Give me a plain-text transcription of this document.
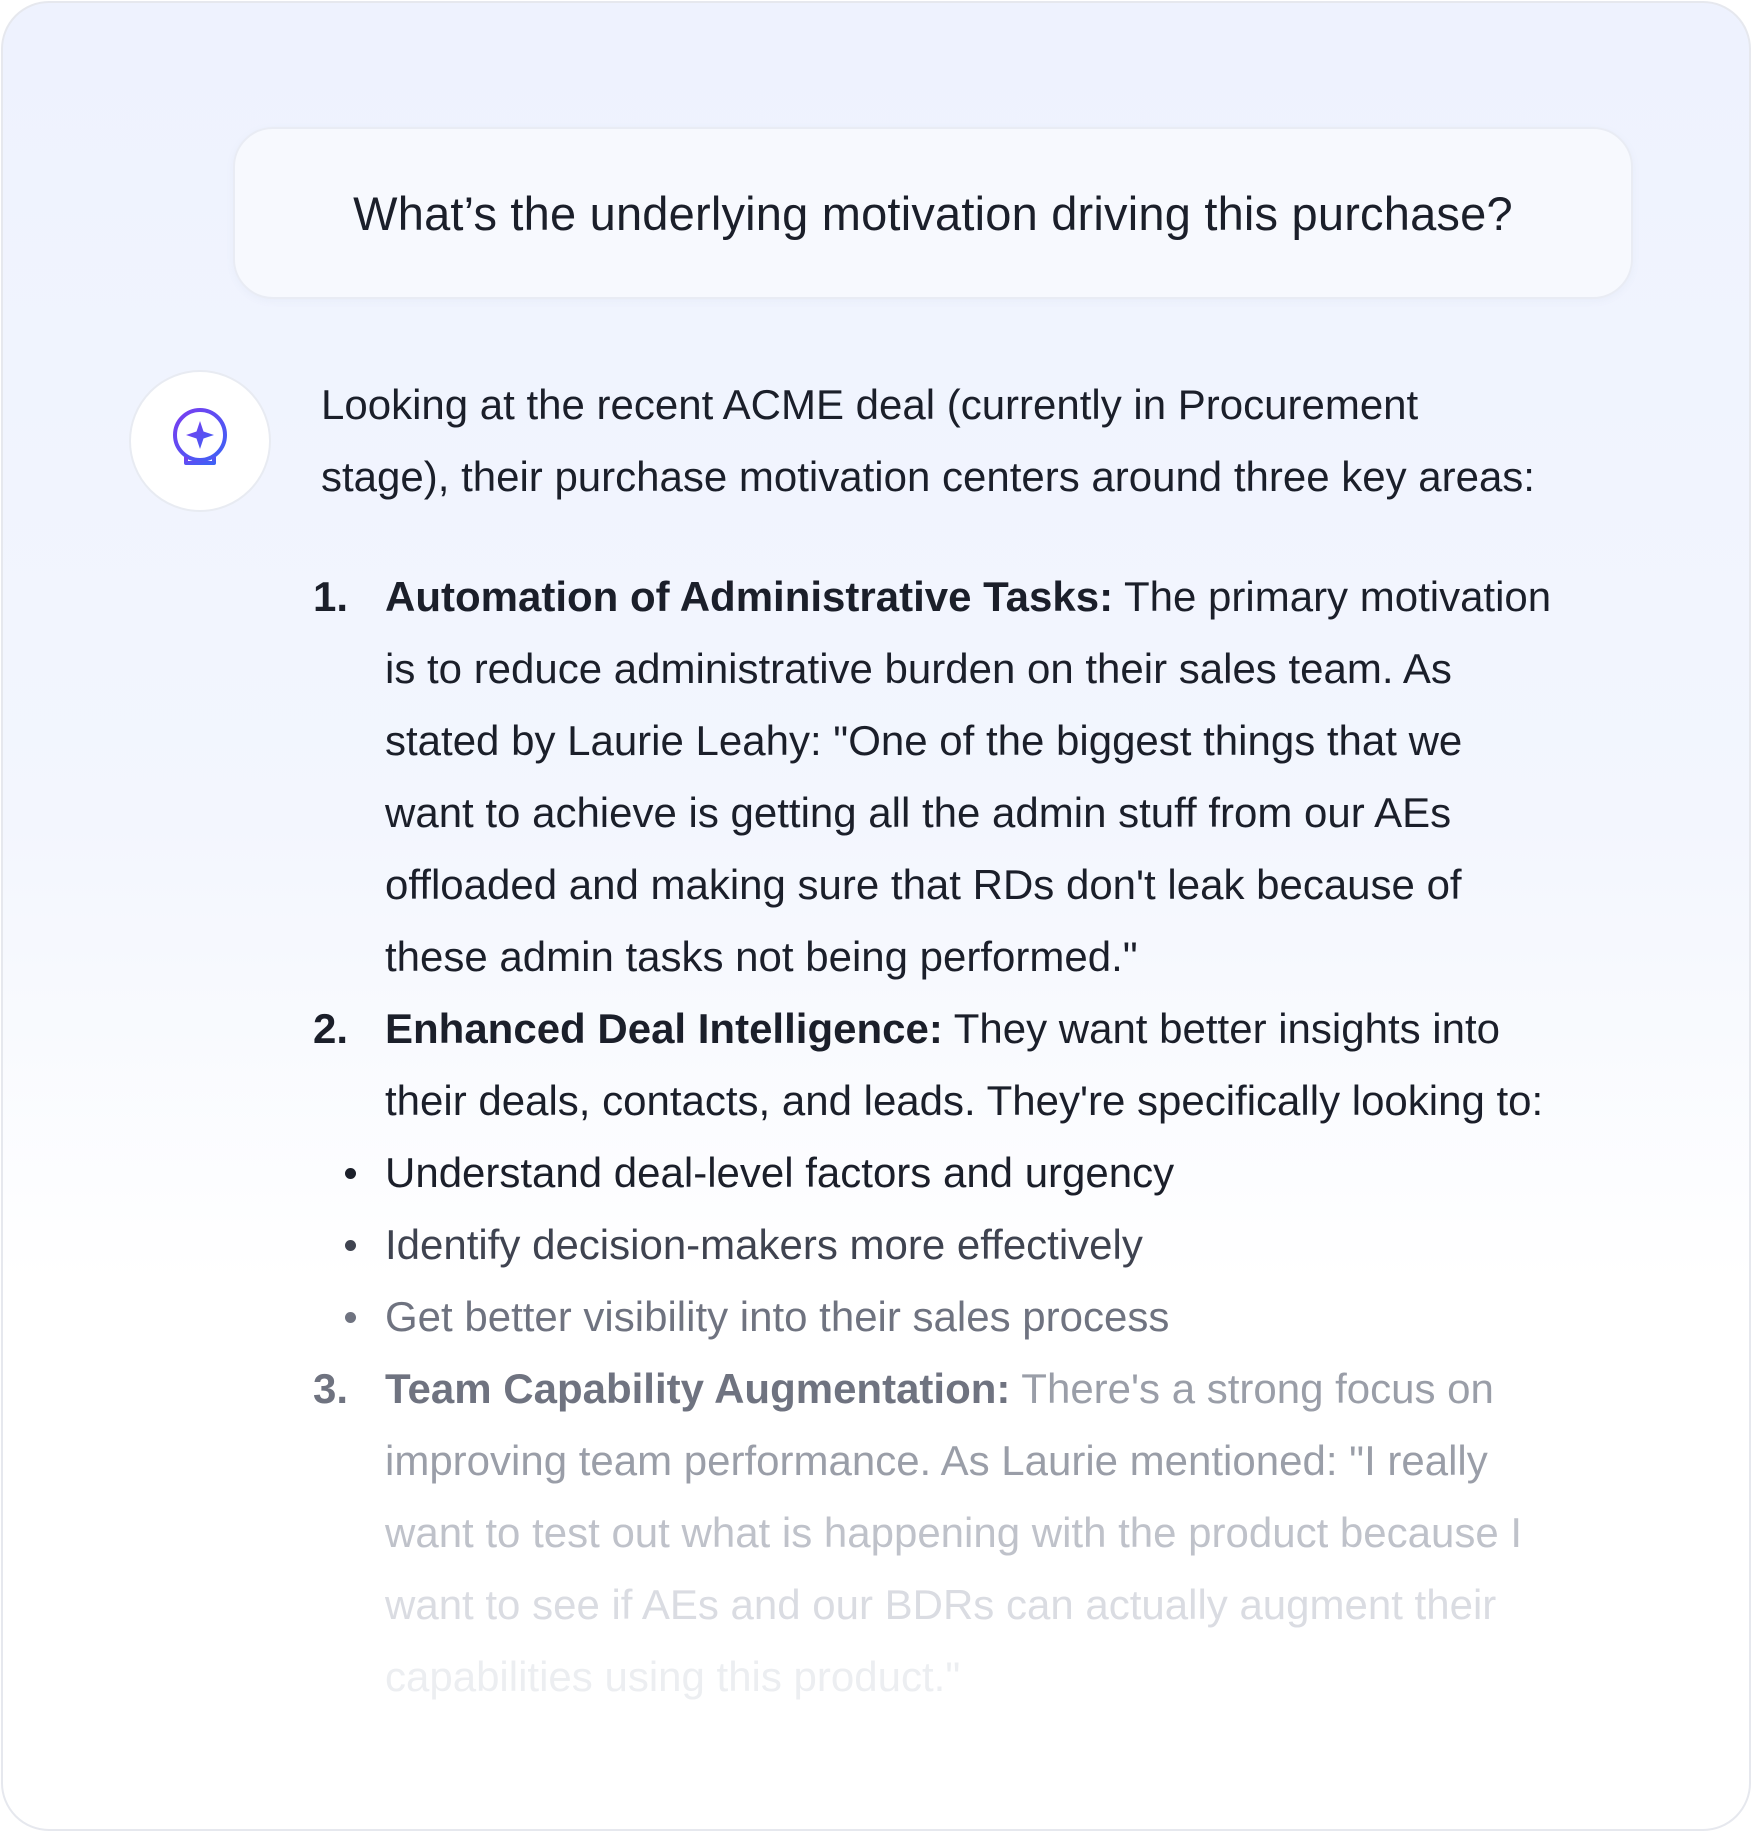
What’s the underlying motivation driving this purchase?
Looking at the recent ACME deal (currently in Procurement
stage), their purchase motivation centers around three key areas:
1. Automation of Administrative Tasks: The primary motivation
is to reduce administrative burden on their sales team. As
stated by Laurie Leahy: "One of the biggest things that we
want to achieve is getting all the admin stuff from our AEs
offloaded and making sure that RDs don't leak because of
these admin tasks not being performed."
2. Enhanced Deal Intelligence: They want better insights into
their deals, contacts, and leads. They're specifically looking to:
Understand deal-level factors and urgency
Identify decision-makers more effectively
Get better visibility into their sales process
3. Team Capability Augmentation: There's a strong focus on
improving team performance. As Laurie mentioned: "I really
want to test out what is happening with the product because I
want to see if AEs and our BDRs can actually augment their
capabilities using this product."
